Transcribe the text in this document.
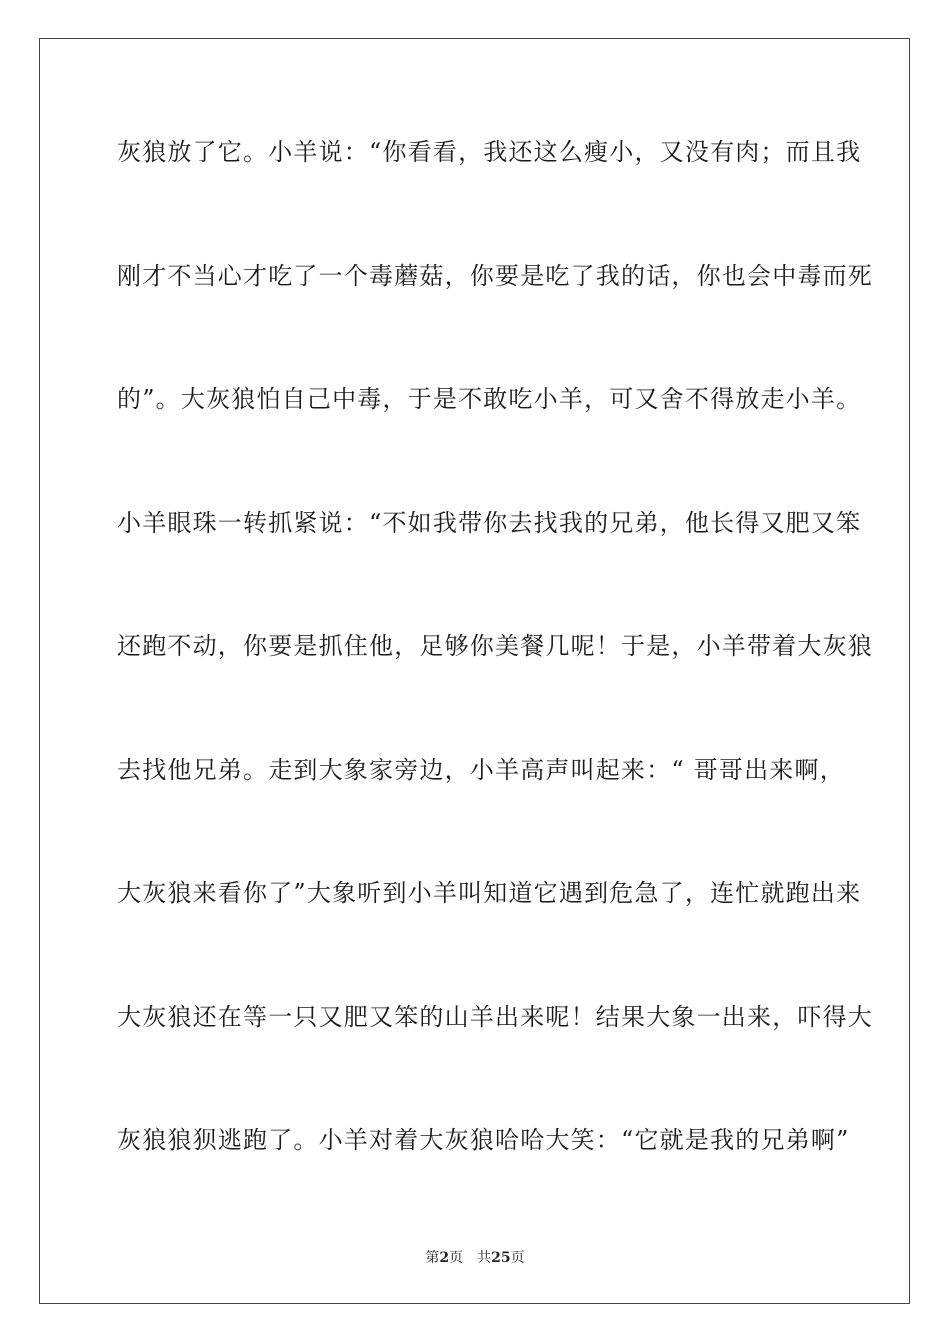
灰狼放了它。小羊说：“你看看，我还这么瘦小，又没有肉；而且我
刚才不当心才吃了一个毒蘑菇，你要是吃了我的话，你也会中毒而死
的”。大灰狼怕自己中毒，于是不敢吃小羊，可又舍不得放走小羊。
小羊眼珠一转抓紧说：“不如我带你去找我的兄弟，他长得又肥又笨
还跑不动，你要是抓住他，足够你美餐几呢！于是，小羊带着大灰狼
去找他兄弟。走到大象家旁边，小羊高声叫起来：“ 哥哥出来啊，
大灰狼来看你了”大象听到小羊叫知道它遇到危急了，连忙就跑出来
大灰狼还在等一只又肥又笨的山羊出来呢！结果大象一出来，吓得大
灰狼狼狈逃跑了。小羊对着大灰狼哈哈大笑：“它就是我的兄弟啊”
第2页 共25页
